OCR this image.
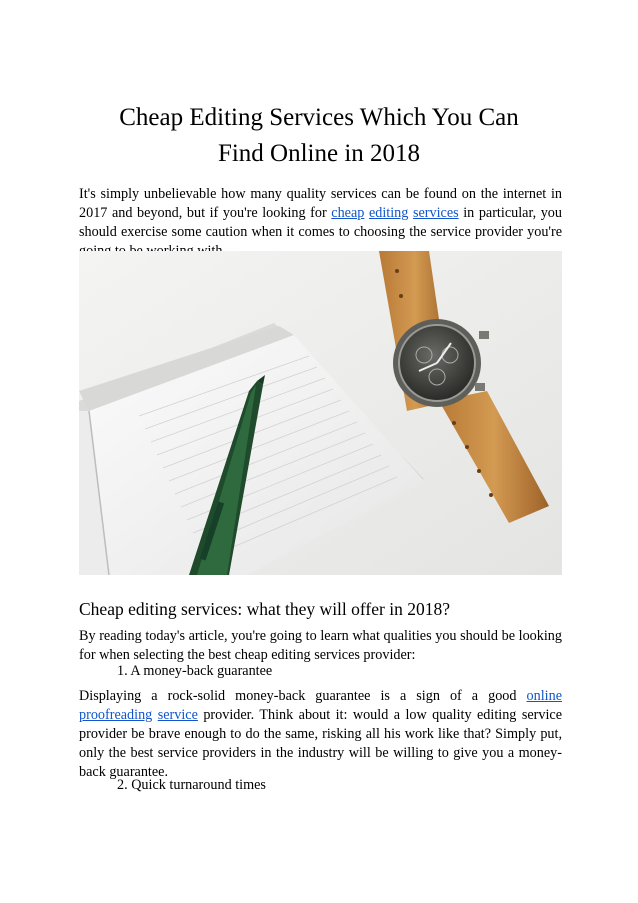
Cheap Editing Services Which You Can
Find Online in 2018

It's simply unbelievable how many quality services can be found on the internet in 2017 and beyond, but if you're looking for cheap editing services in particular, you should exercise some caution when it comes to choosing the service provider you're

Cheap editing services: what they will offer in 2018?

By reading today's article, you're going to learn what qualities you should be looking for when selecting the best cheap editing services provider:

1. A money-back guarantee

Displaying a rock-solid money-back guarantee is a sign of a good online proofreading service provider. Think about it: would a low quality editing service provider be brave enough to do the same, risking all his work like that? Simply put, only the best service providers in the industry will be willing to give you a money-back guarantee.

2. Quick turnaround times
